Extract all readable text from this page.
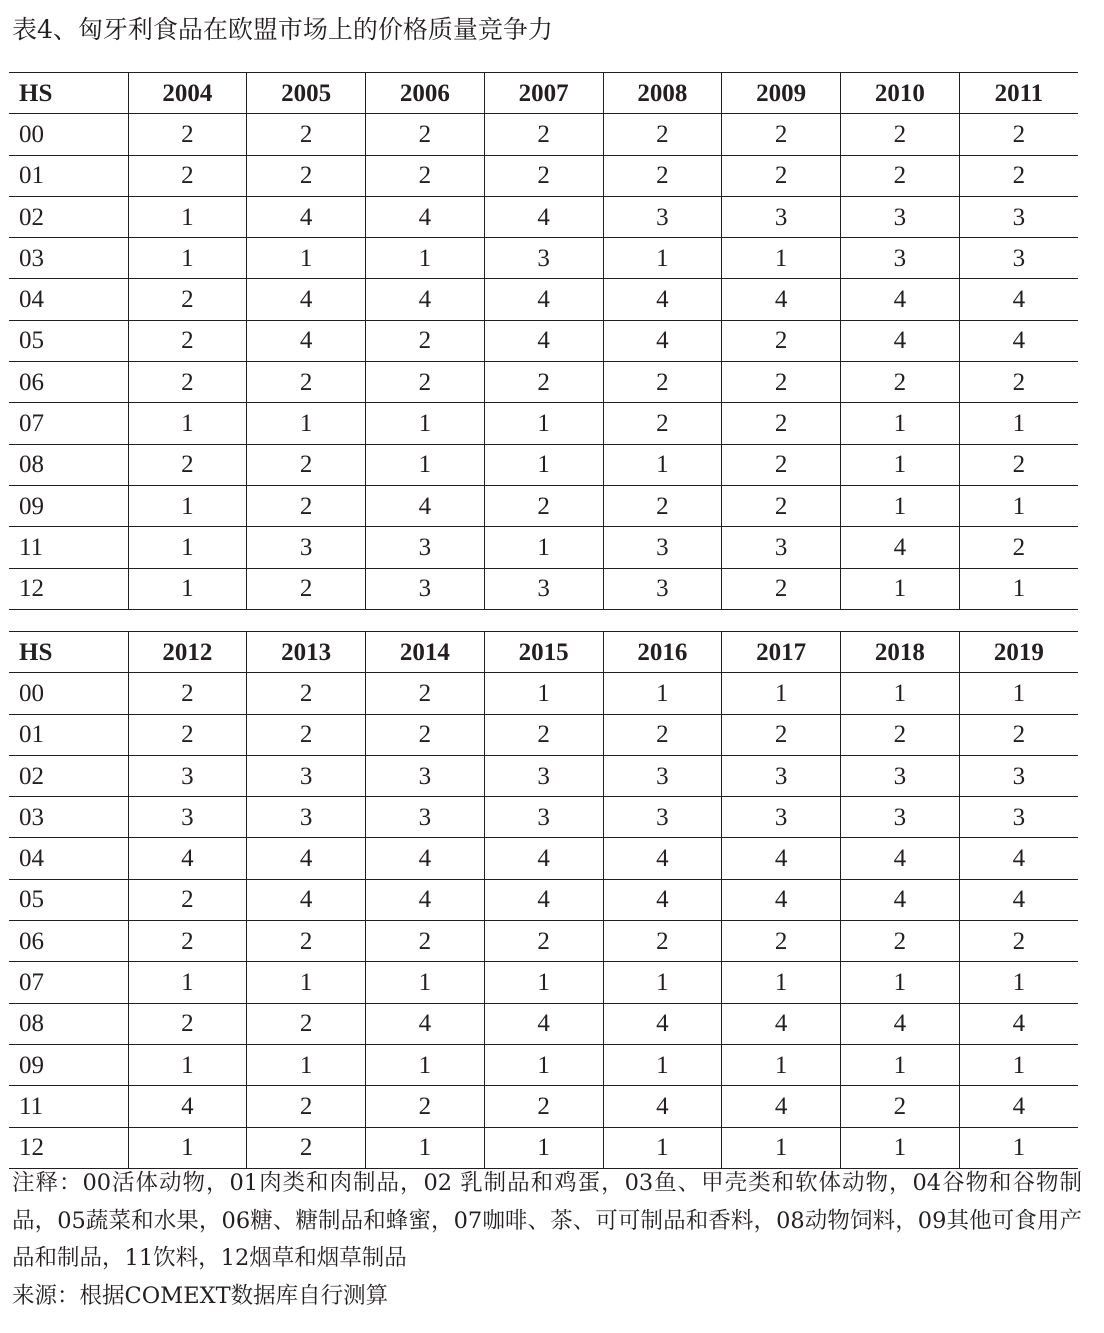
表4、匈牙利食品在欧盟市场上的价格质量竞争力
HS	2004	2005	2006	2007	2008	2009	2010	2011
00	2	2	2	2	2	2	2	2
01	2	2	2	2	2	2	2	2
02	1	4	4	4	3	3	3	3
03	1	1	1	3	1	1	3	3
04	2	4	4	4	4	4	4	4
05	2	4	2	4	4	2	4	4
06	2	2	2	2	2	2	2	2
07	1	1	1	1	2	2	1	1
08	2	2	1	1	1	2	1	2
09	1	2	4	2	2	2	1	1
11	1	3	3	1	3	3	4	2
12	1	2	3	3	3	2	1	1
HS	2012	2013	2014	2015	2016	2017	2018	2019
00	2	2	2	1	1	1	1	1
01	2	2	2	2	2	2	2	2
02	3	3	3	3	3	3	3	3
03	3	3	3	3	3	3	3	3
04	4	4	4	4	4	4	4	4
05	2	4	4	4	4	4	4	4
06	2	2	2	2	2	2	2	2
07	1	1	1	1	1	1	1	1
08	2	2	4	4	4	4	4	4
09	1	1	1	1	1	1	1	1
11	4	2	2	2	4	4	2	4
12	1	2	1	1	1	1	1	1
注释：00活体动物，01肉类和肉制品，02 乳制品和鸡蛋，03鱼、甲壳类和软体动物，04谷物和谷物制品，05蔬菜和水果，06糖、糖制品和蜂蜜，07咖啡、茶、可可制品和香料，08动物饲料，09其他可食用产品和制品，11饮料，12烟草和烟草制品
来源：根据COMEXT数据库自行测算
